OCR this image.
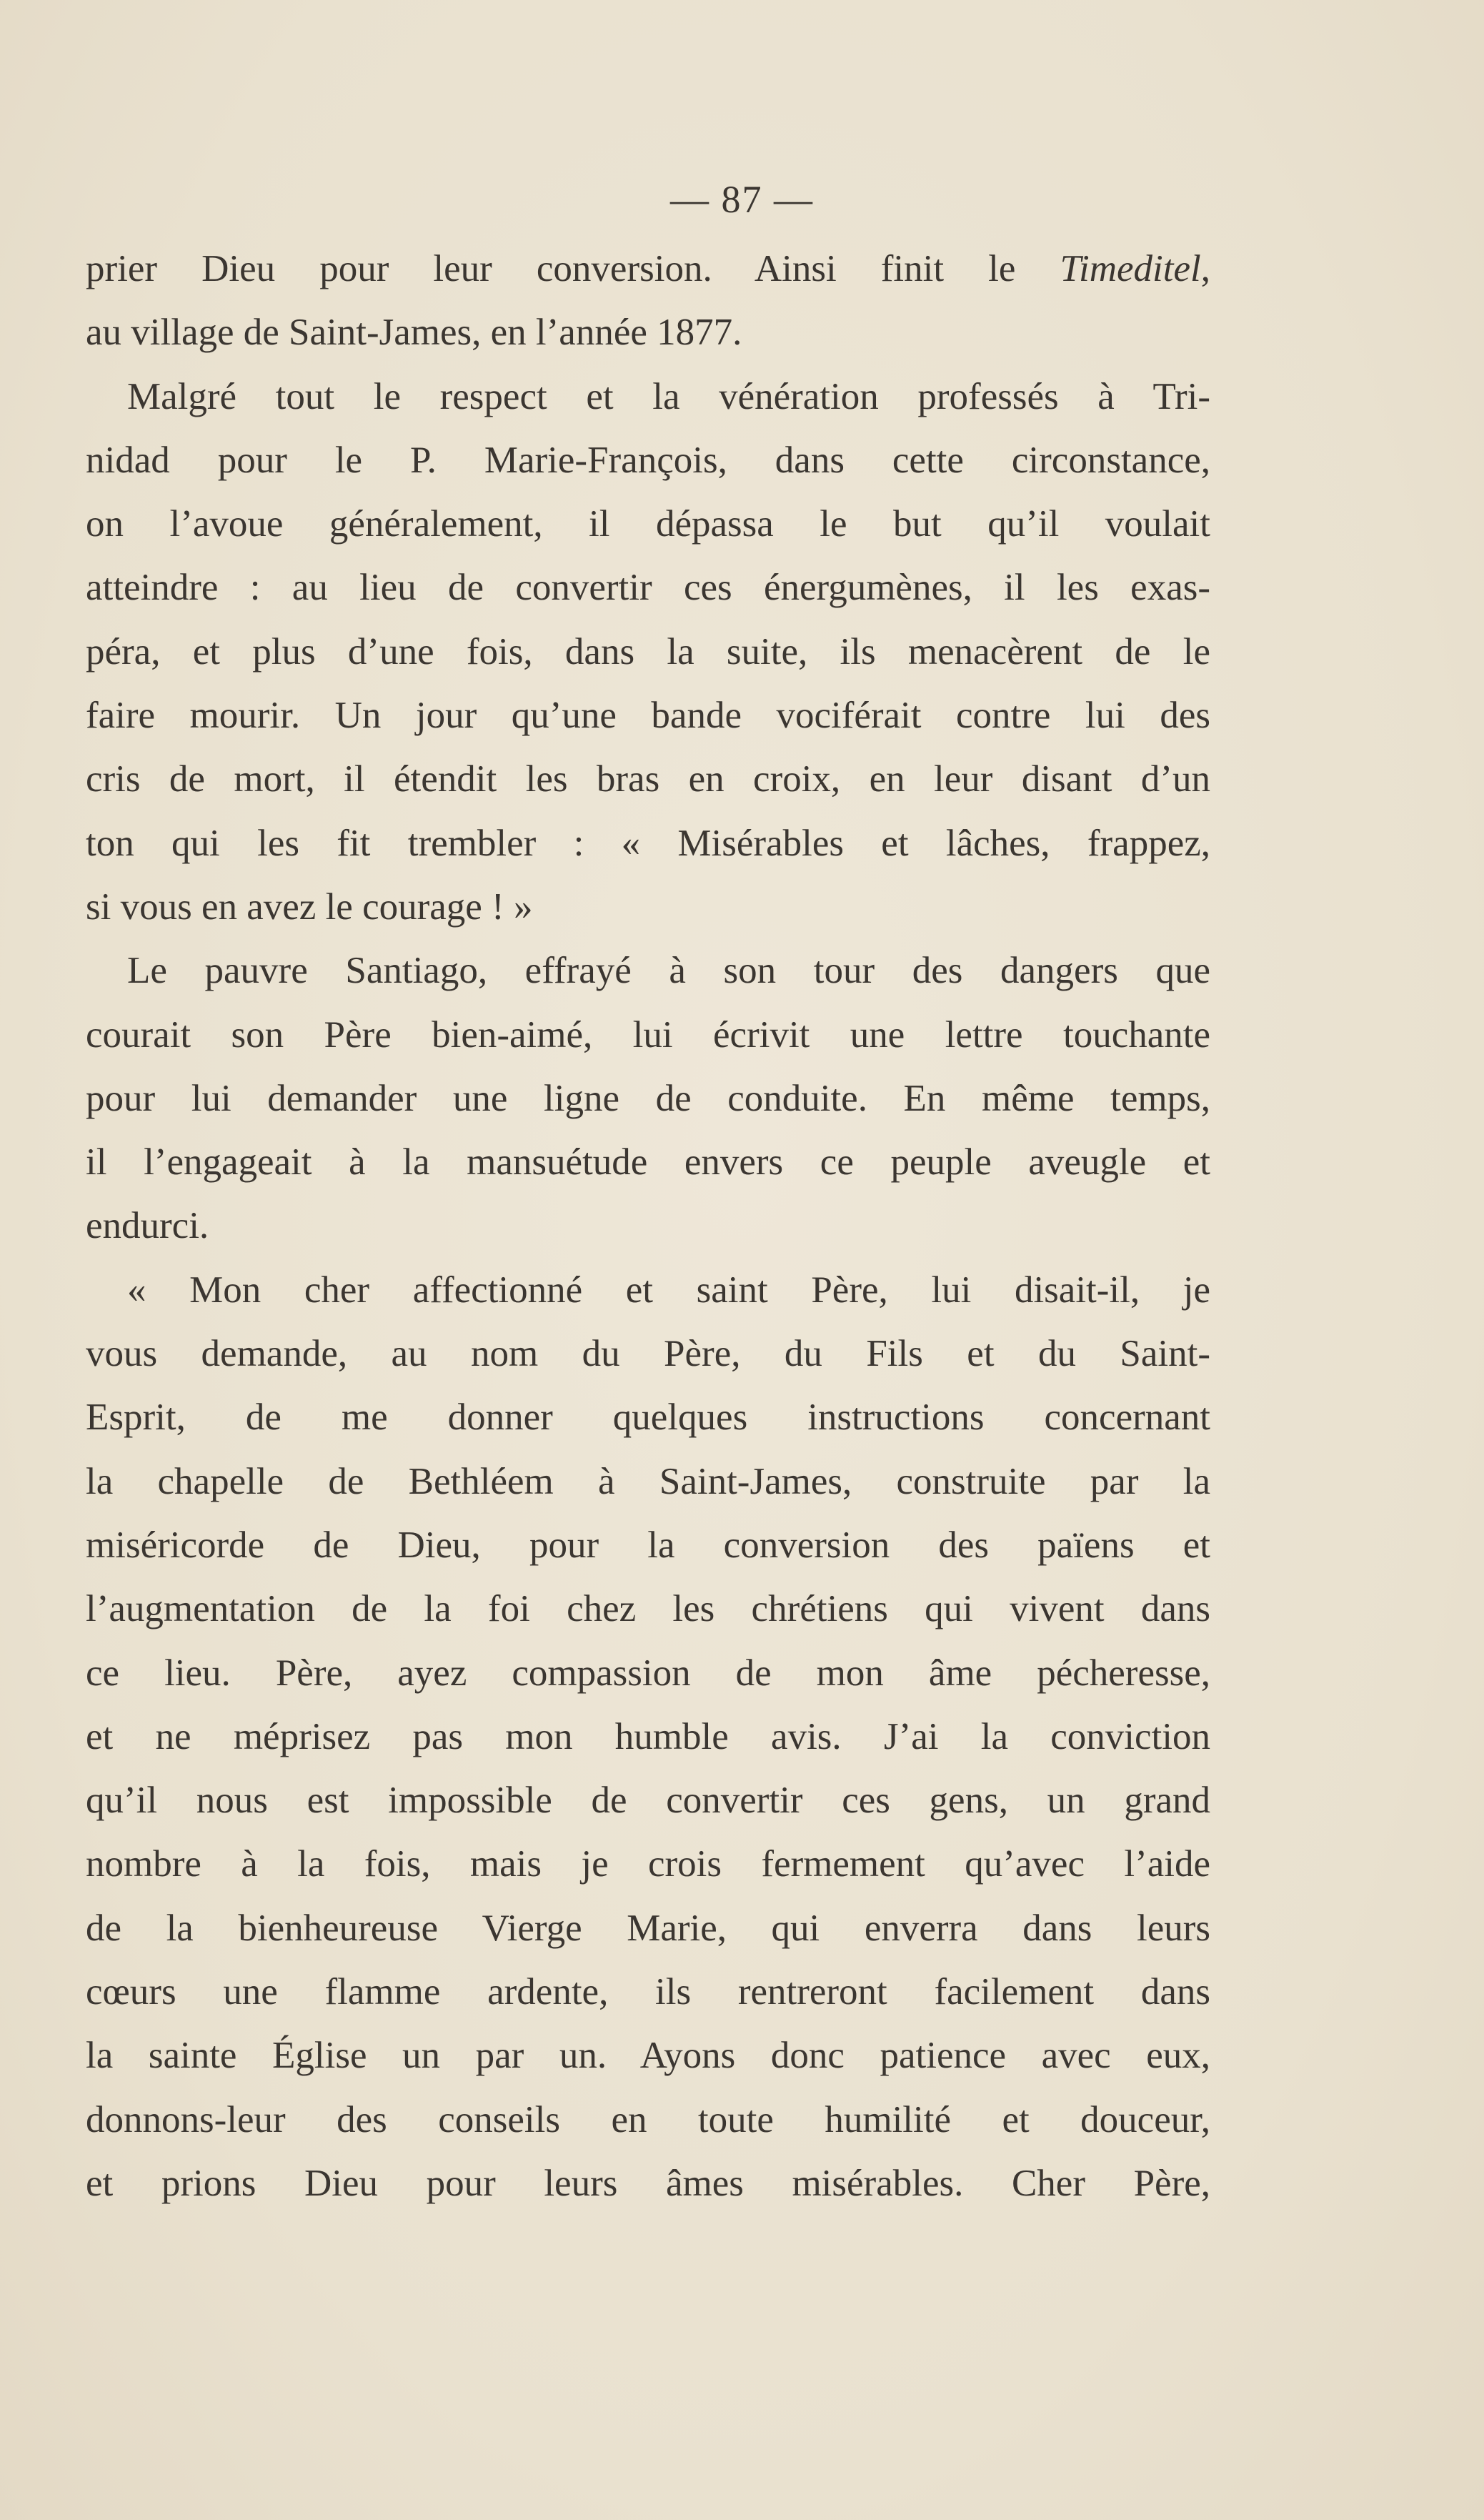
— 87 —
prier Dieu pour leur conversion. Ainsi finit le Timeditel,
au village de Saint-James, en l’année 1877.
Malgré tout le respect et la vénération professés à Tri-
nidad pour le P. Marie-François, dans cette circonstance,
on l’avoue généralement, il dépassa le but qu’il voulait
atteindre : au lieu de convertir ces énergumènes, il les exas-
péra, et plus d’une fois, dans la suite, ils menacèrent de le
faire mourir. Un jour qu’une bande vociférait contre lui des
cris de mort, il étendit les bras en croix, en leur disant d’un
ton qui les fit trembler : « Misérables et lâches, frappez,
si vous en avez le courage ! »
Le pauvre Santiago, effrayé à son tour des dangers que
courait son Père bien-aimé, lui écrivit une lettre touchante
pour lui demander une ligne de conduite. En même temps,
il l’engageait à la mansuétude envers ce peuple aveugle et
endurci.
« Mon cher affectionné et saint Père, lui disait-il, je
vous demande, au nom du Père, du Fils et du Saint-
Esprit, de me donner quelques instructions concernant
la chapelle de Bethléem à Saint-James, construite par la
miséricorde de Dieu, pour la conversion des païens et
l’augmentation de la foi chez les chrétiens qui vivent dans
ce lieu. Père, ayez compassion de mon âme pécheresse,
et ne méprisez pas mon humble avis. J’ai la conviction
qu’il nous est impossible de convertir ces gens, un grand
nombre à la fois, mais je crois fermement qu’avec l’aide
de la bienheureuse Vierge Marie, qui enverra dans leurs
cœurs une flamme ardente, ils rentreront facilement dans
la sainte Église un par un. Ayons donc patience avec eux,
donnons-leur des conseils en toute humilité et douceur,
et prions Dieu pour leurs âmes misérables. Cher Père,
